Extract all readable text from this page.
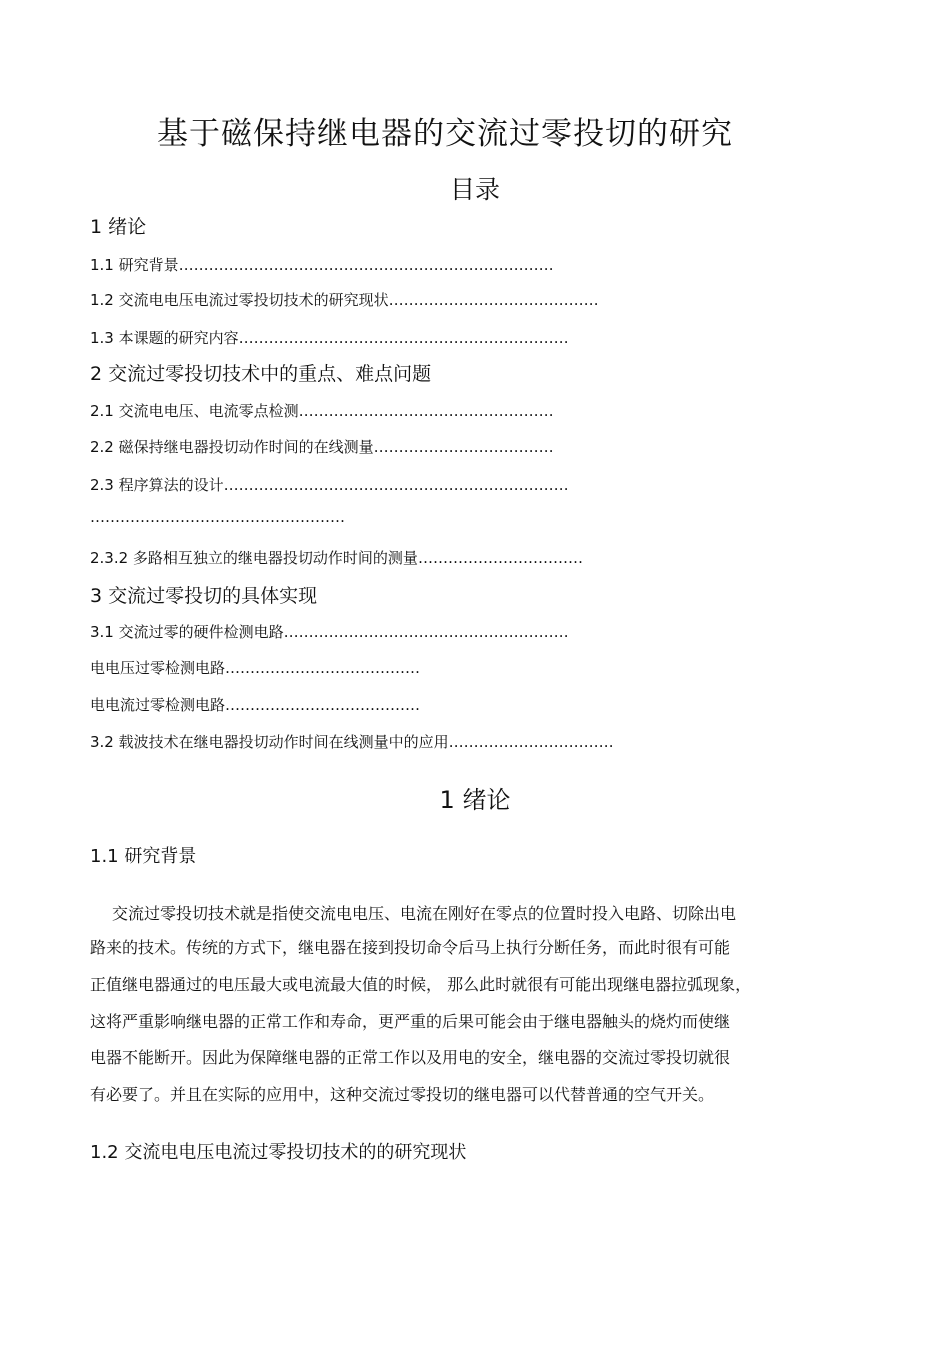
基于磁保持继电器的交流过零投切的研究
目录
1 绪论
1.1 研究背景…………………………………………………………………
1.2 交流电电压电流过零投切技术的研究现状……………………………………
1.3 本课题的研究内容…………………………………………………………
2 交流过零投切技术中的重点、难点问题
2.1 交流电电压、电流零点检测……………………………………………
2.2 磁保持继电器投切动作时间的在线测量………………………………
2.3 程序算法的设计……………………………………………………………
……………………………………………
2.3.2 多路相互独立的继电器投切动作时间的测量……………………………
3 交流过零投切的具体实现
3.1 交流过零的硬件检测电路…………………………………………………
电电压过零检测电路…………………………………
电电流过零检测电路…………………………………
3.2 载波技术在继电器投切动作时间在线测量中的应用……………………………
1 绪论
1.1 研究背景
交流过零投切技术就是指使交流电电压、电流在刚好在零点的位置时投入电路、切除出电
路来的技术。传统的方式下，继电器在接到投切命令后马上执行分断任务，而此时很有可能
正值继电器通过的电压最大或电流最大值的时候， 那么此时就很有可能出现继电器拉弧现象，
这将严重影响继电器的正常工作和寿命，更严重的后果可能会由于继电器触头的烧灼而使继
电器不能断开。因此为保障继电器的正常工作以及用电的安全，继电器的交流过零投切就很
有必要了。并且在实际的应用中，这种交流过零投切的继电器可以代替普通的空气开关。
1.2 交流电电压电流过零投切技术的的研究现状
